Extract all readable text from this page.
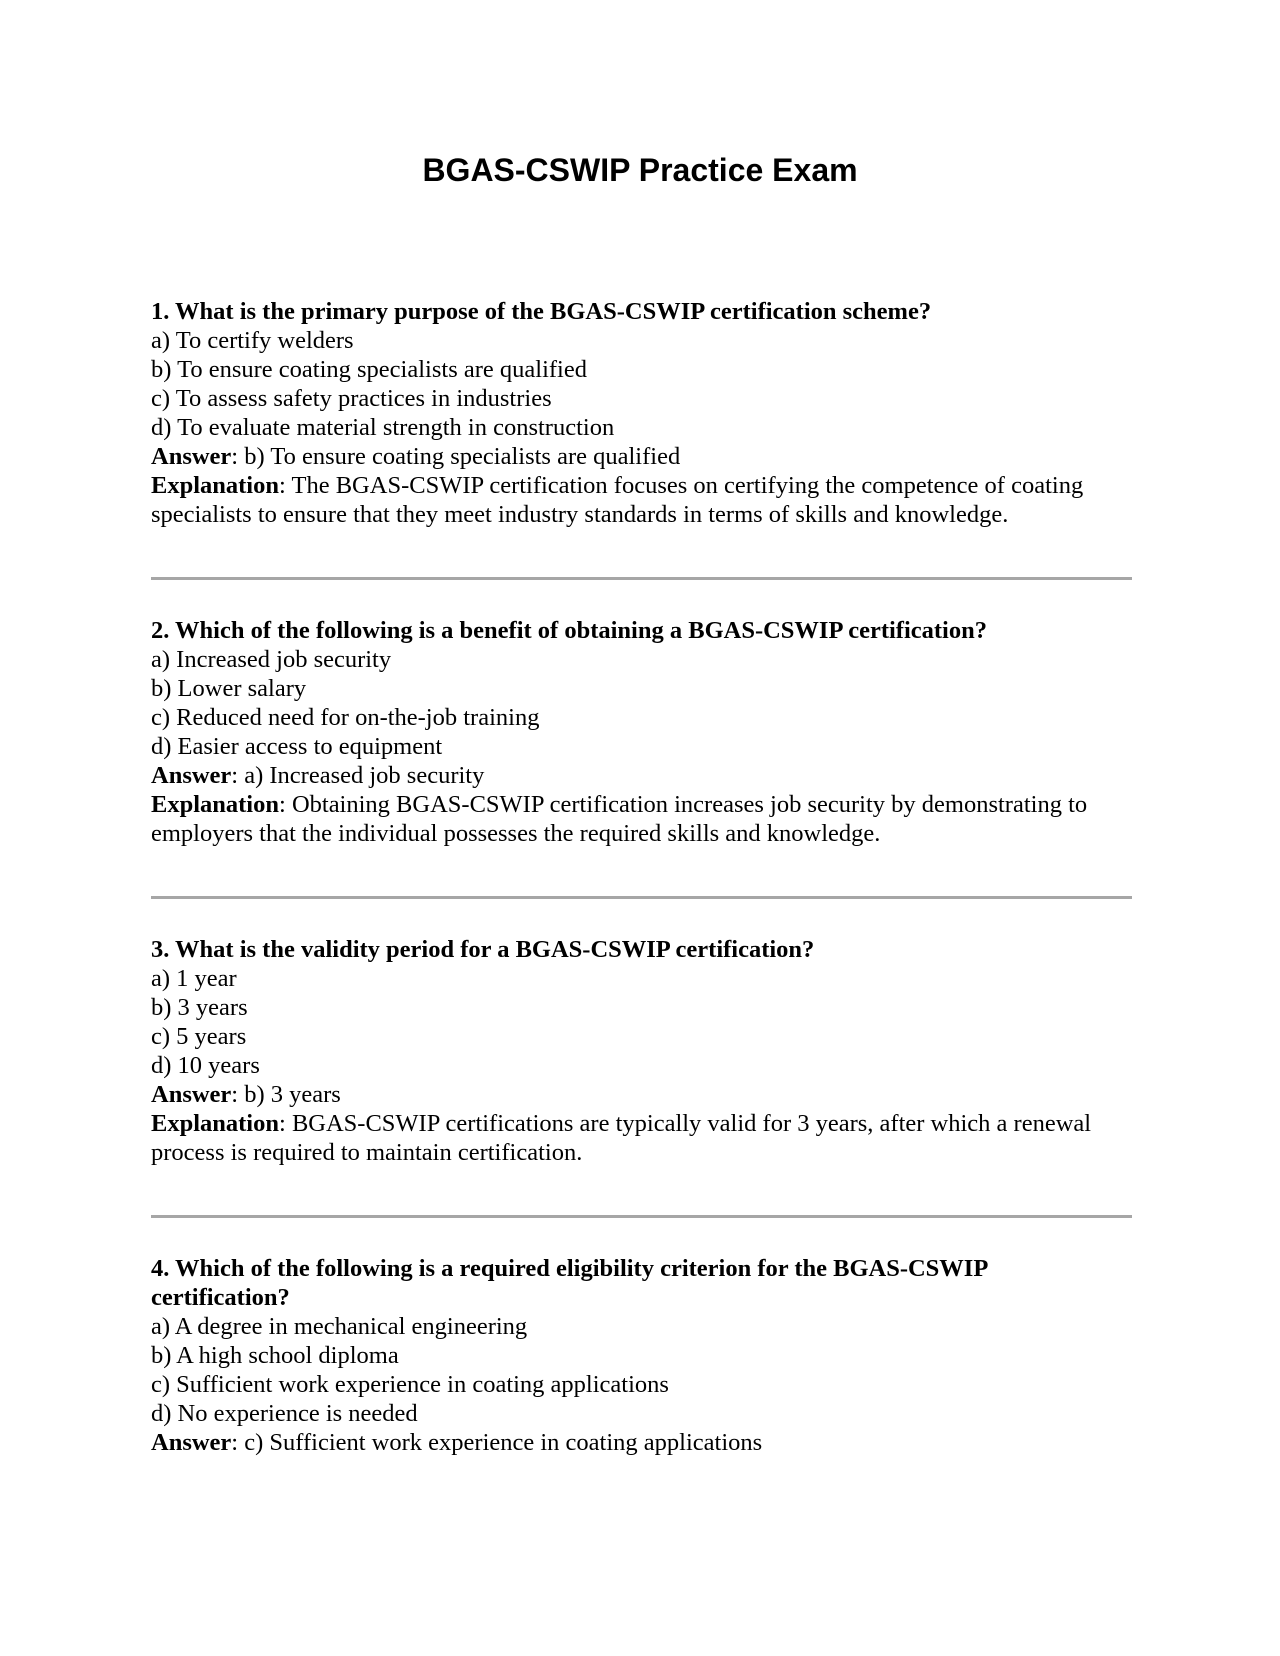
BGAS-CSWIP Practice Exam

1. What is the primary purpose of the BGAS-CSWIP certification scheme?

a) To certify welders

b) To ensure coating specialists are qualified

c) To assess safety practices in industries

d) To evaluate material strength in construction

Answer: b) To ensure coating specialists are qualified

Explanation: The BGAS-CSWIP certification focuses on certifying the competence of coating specialists to ensure that they meet industry standards in terms of skills and knowledge.

2. Which of the following is a benefit of obtaining a BGAS-CSWIP certification?

a) Increased job security

b) Lower salary

c) Reduced need for on-the-job training

d) Easier access to equipment

Answer: a) Increased job security

Explanation: Obtaining BGAS-CSWIP certification increases job security by demonstrating to employers that the individual possesses the required skills and knowledge.

3. What is the validity period for a BGAS-CSWIP certification?

a) 1 year

b) 3 years

c) 5 years

d) 10 years

Answer: b) 3 years

Explanation: BGAS-CSWIP certifications are typically valid for 3 years, after which a renewal process is required to maintain certification.

4. Which of the following is a required eligibility criterion for the BGAS-CSWIP certification?

a) A degree in mechanical engineering

b) A high school diploma

c) Sufficient work experience in coating applications

d) No experience is needed

Answer: c) Sufficient work experience in coating applications
